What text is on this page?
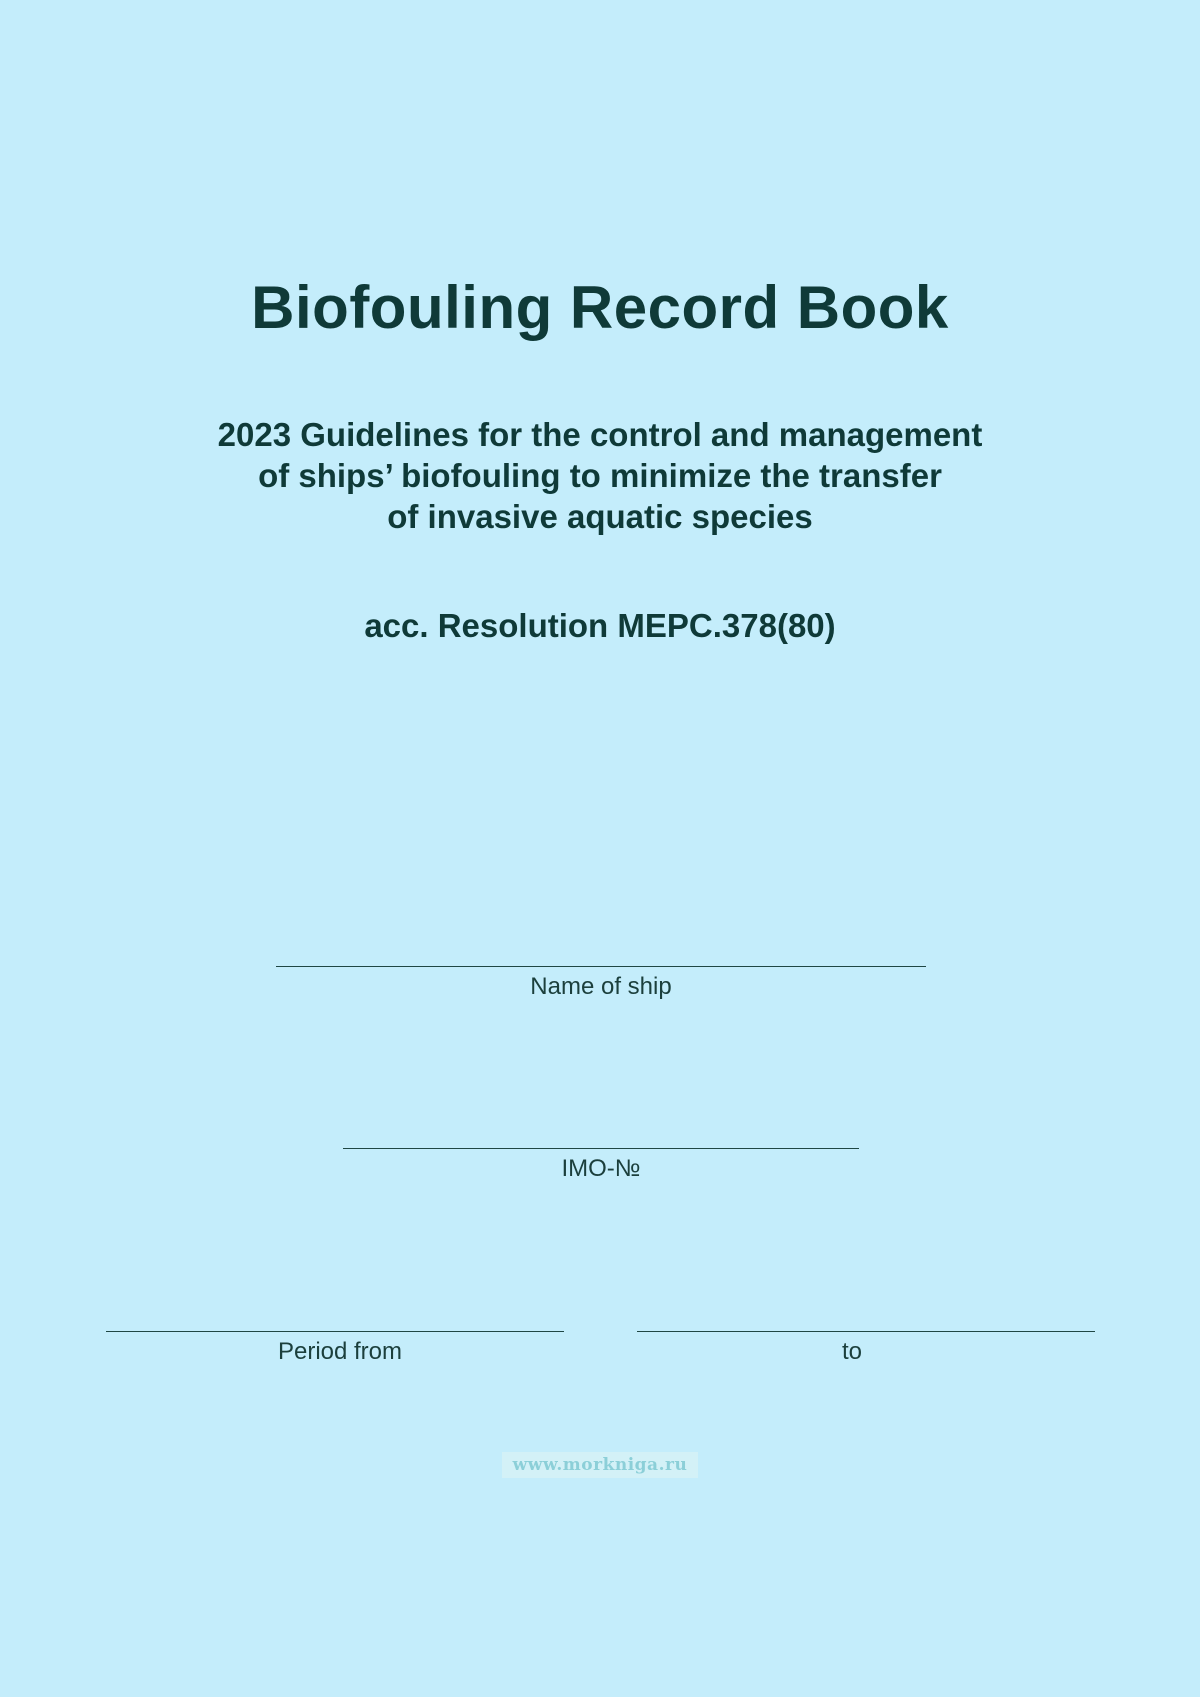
Biofouling Record Book
2023 Guidelines for the control and management
of ships’ biofouling to minimize the transfer
of invasive aquatic species
acc. Resolution MEPC.378(80)
Name of ship
IMO-№
Period from	to
www.morkniga.ru
